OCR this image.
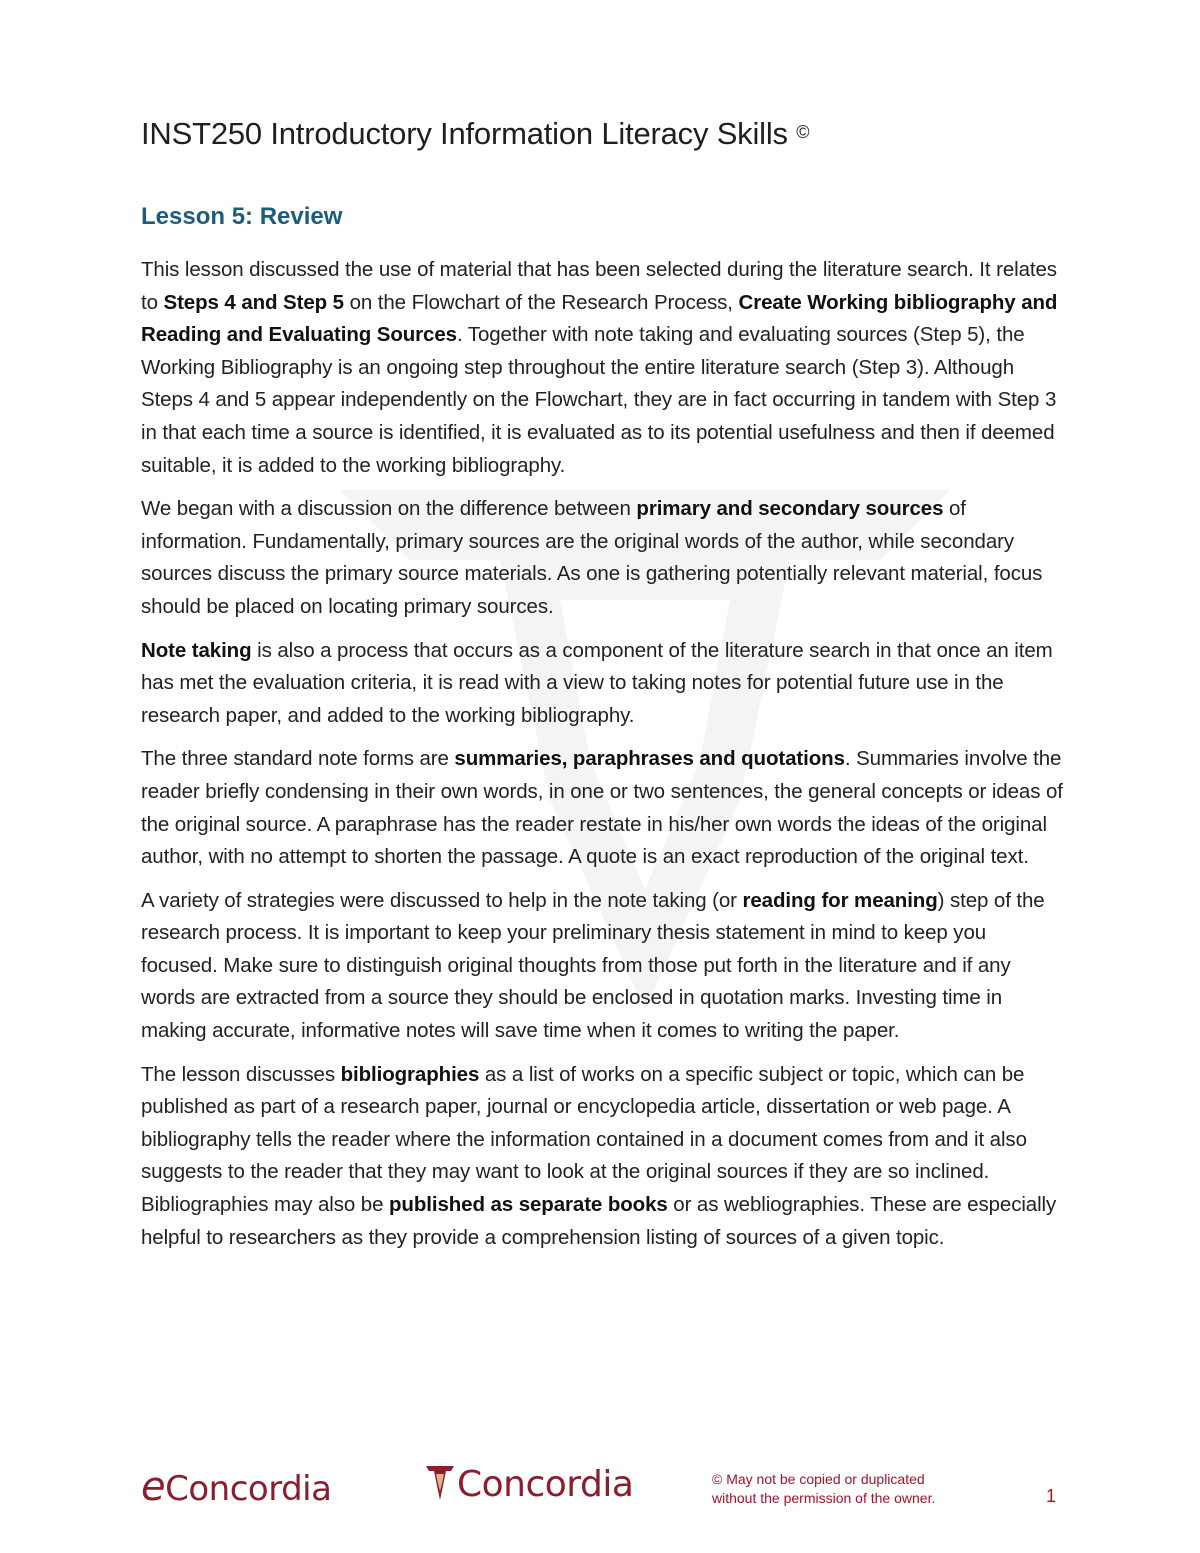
INST250 Introductory Information Literacy Skills ©
Lesson 5: Review

This lesson discussed the use of material that has been selected during the literature search. It relates to Steps 4 and Step 5 on the Flowchart of the Research Process, Create Working bibliography and Reading and Evaluating Sources. Together with note taking and evaluating sources (Step 5), the Working Bibliography is an ongoing step throughout the entire literature search (Step 3). Although Steps 4 and 5 appear independently on the Flowchart, they are in fact occurring in tandem with Step 3 in that each time a source is identified, it is evaluated as to its potential usefulness and then if deemed suitable, it is added to the working bibliography.

We began with a discussion on the difference between primary and secondary sources of information. Fundamentally, primary sources are the original words of the author, while secondary sources discuss the primary source materials. As one is gathering potentially relevant material, focus should be placed on locating primary sources.

Note taking is also a process that occurs as a component of the literature search in that once an item has met the evaluation criteria, it is read with a view to taking notes for potential future use in the research paper, and added to the working bibliography.

The three standard note forms are summaries, paraphrases and quotations. Summaries involve the reader briefly condensing in their own words, in one or two sentences, the general concepts or ideas of the original source. A paraphrase has the reader restate in his/her own words the ideas of the original author, with no attempt to shorten the passage. A quote is an exact reproduction of the original text.

A variety of strategies were discussed to help in the note taking (or reading for meaning) step of the research process. It is important to keep your preliminary thesis statement in mind to keep you focused. Make sure to distinguish original thoughts from those put forth in the literature and if any words are extracted from a source they should be enclosed in quotation marks. Investing time in making accurate, informative notes will save time when it comes to writing the paper.

The lesson discusses bibliographies as a list of works on a specific subject or topic, which can be published as part of a research paper, journal or encyclopedia article, dissertation or web page. A bibliography tells the reader where the information contained in a document comes from and it also suggests to the reader that they may want to look at the original sources if they are so inclined. Bibliographies may also be published as separate books or as webliographies. These are especially helpful to researchers as they provide a comprehension listing of sources of a given topic.

eConcordia	Concordia	© May not be copied or duplicated
without the permission of the owner.	1
